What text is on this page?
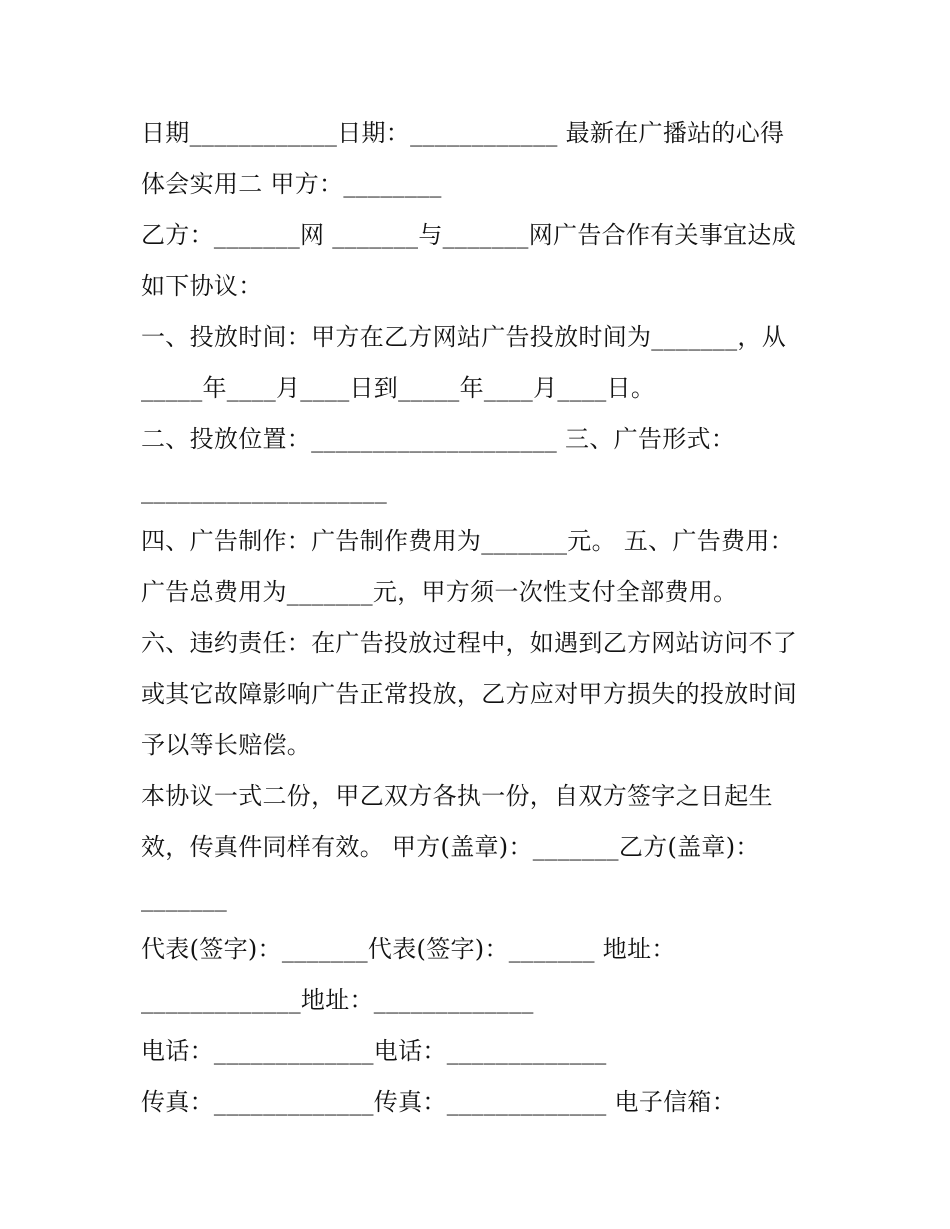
日期____________日期：____________ 最新在广播站的心得
体会实用二 甲方：________
乙方：_______网 _______与_______网广告合作有关事宜达成
如下协议：
一、投放时间：甲方在乙方网站广告投放时间为_______，从
_____年____月____日到_____年____月____日。
二、投放位置：____________________ 三、广告形式：
____________________
四、广告制作：广告制作费用为_______元。 五、广告费用：
广告总费用为_______元，甲方须一次性支付全部费用。
六、违约责任：在广告投放过程中，如遇到乙方网站访问不了
或其它故障影响广告正常投放，乙方应对甲方损失的投放时间
予以等长赔偿。
本协议一式二份，甲乙双方各执一份，自双方签字之日起生
效，传真件同样有效。 甲方(盖章)：_______乙方(盖章)：
_______
代表(签字)：_______代表(签字)：_______ 地址：
_____________地址：_____________
电话：_____________电话：_____________
传真：_____________传真：_____________ 电子信箱：
